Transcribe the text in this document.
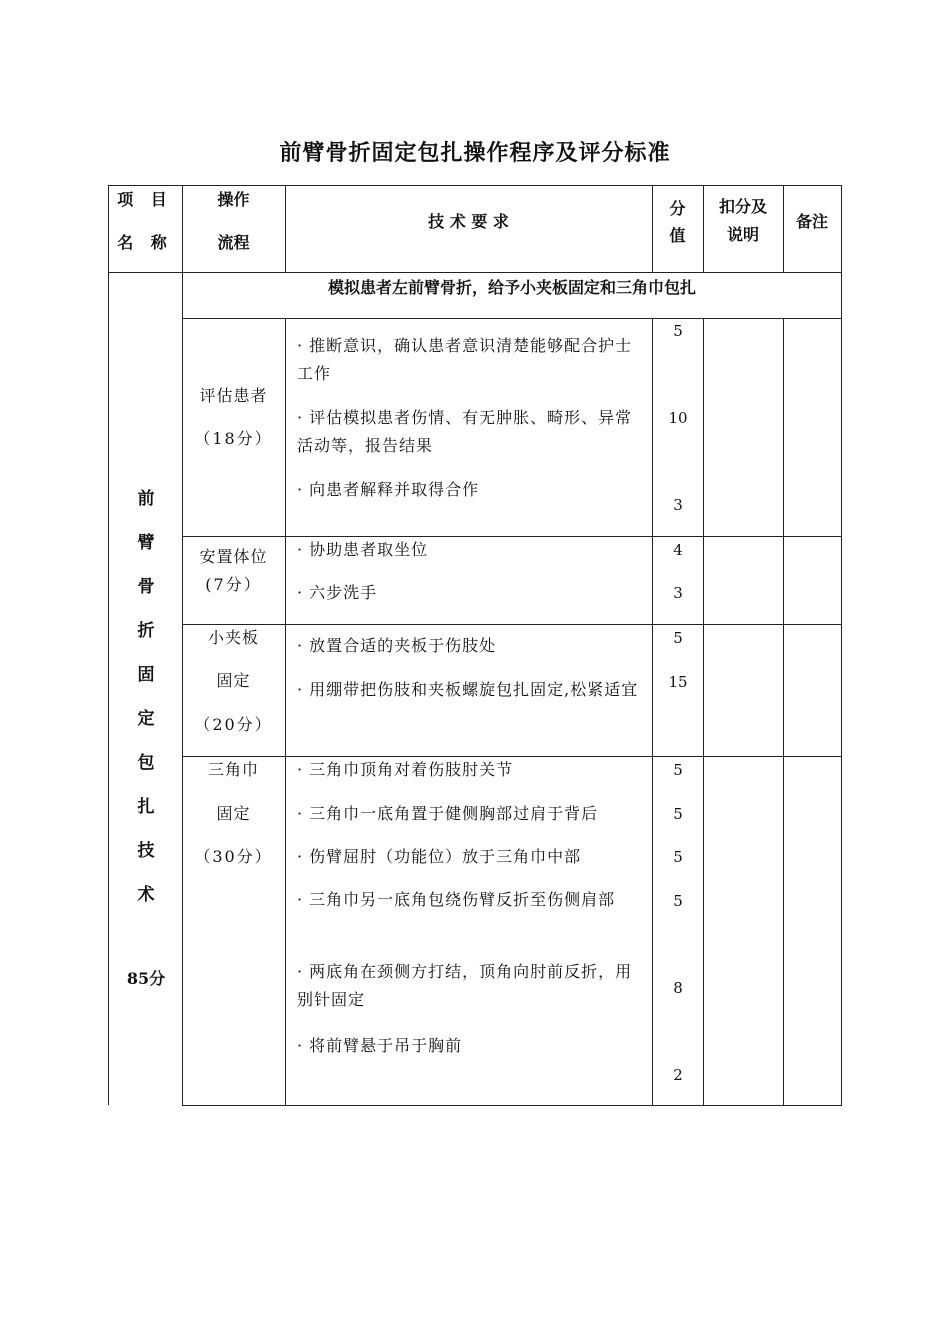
前臂骨折固定包扎操作程序及评分标准
项 目
名 称
操作
流程
技 术 要 求
分
值
扣分及
说明
备注
模拟患者左前臂骨折，给予小夹板固定和三角巾包扎
前
臂
骨
折
固
定
包
扎
技
术
85分
评估患者
（18分）
· 推断意识，确认患者意识清楚能够配合护士工作
· 评估模拟患者伤情、有无肿胀、畸形、异常活动等，报告结果
· 向患者解释并取得合作
5
10
3
安置体位
(7分）
· 协助患者取坐位
· 六步洗手
4
3
小夹板
固定
（20分）
· 放置合适的夹板于伤肢处
· 用绷带把伤肢和夹板螺旋包扎固定,松紧适宜
5
15
三角巾
固定
（30分）
· 三角巾顶角对着伤肢肘关节
· 三角巾一底角置于健侧胸部过肩于背后
· 伤臂屈肘（功能位）放于三角巾中部
· 三角巾另一底角包绕伤臂反折至伤侧肩部
· 两底角在颈侧方打结，顶角向肘前反折，用别针固定
· 将前臂悬于吊于胸前
5
5
5
5
8
2
